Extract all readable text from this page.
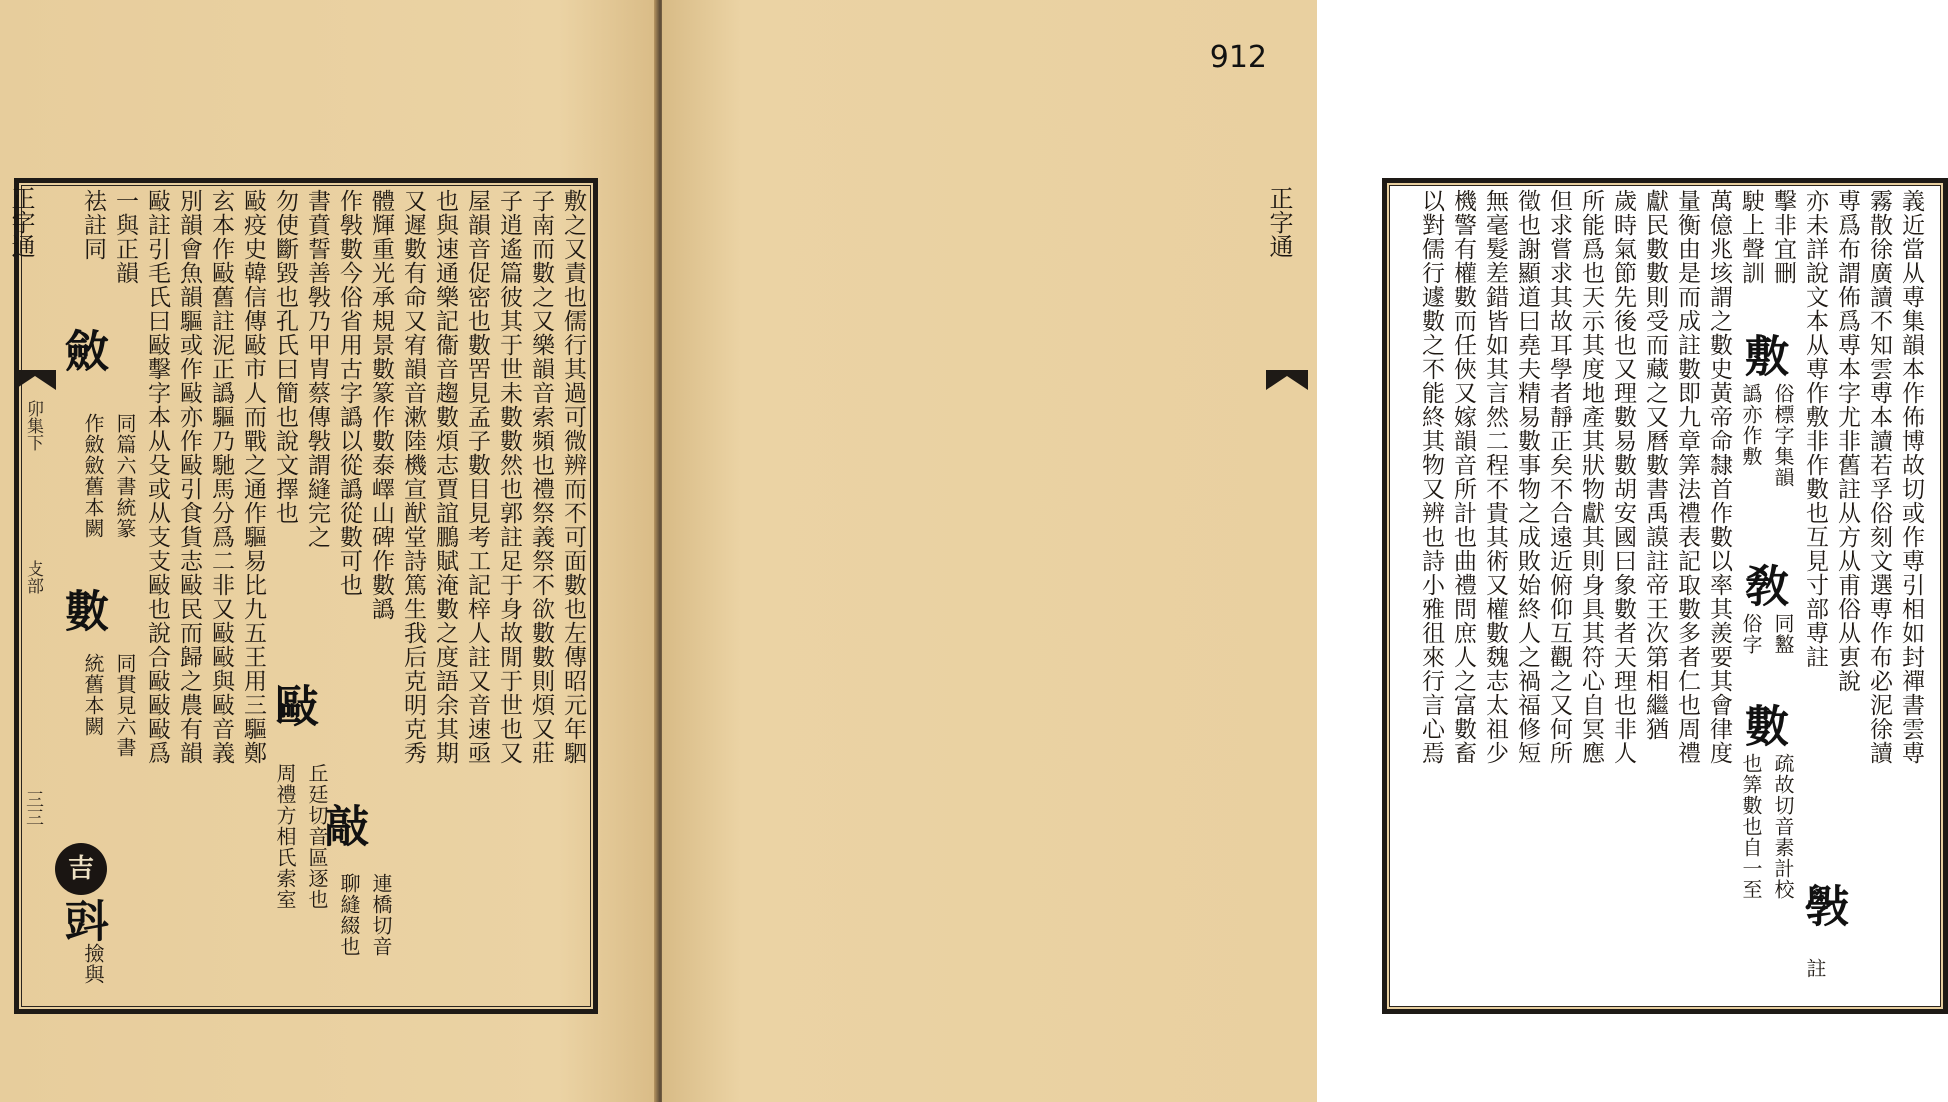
敷之又責也儒行其過可微辨而不可面數也左傳昭元年駟
子南而數之又樂韻音索頻也禮祭義祭不欲數數則煩又莊
子逍遙篇彼其于世未數數然也郭註足于身故閒于世也又
屋韻音促密也數罟見孟子數目見考工記梓人註又音速亟
也與速通樂記衞音趨數煩志賈誼鵬賦淹數之度語余其期
又遲數有命又宥韻音漱陸機宣猷堂詩篤生我后克明克秀
體輝重光承規景數篆作數泰嶧山碑作數譌
作斅數今俗省用古字譌以從譌從數可也
書賁誓善斅乃甲胄蔡傳斅謂縫完之
勿使斷毀也孔氏曰簡也說文擇也
敺疫史韓信傳敺市人而戰之通作驅易比九五王用三驅鄭
玄本作敺舊註泥正譌驅乃馳馬分爲二非又敺敺與敺音義
別韻會魚韻驅或作敺亦作敺引食貨志敺民而歸之農有韻
敺註引毛氏曰敺擊字本从殳或从支支敺也說合敺敺敺爲
一與正韻
祛註同
敲
連橋切音
聊縫綴也
敺
丘廷切音區逐也
周禮方相氏索室
斂
同篇六書統篆
作斂斂舊本闕
數
同貫見六書
統舊本闕
吉
㪷
撿與
正字通
卯集下
攴部
三三
912
義近當从尃集韻本作佈博故切或作尃引相如封禪書雲尃
霧散徐廣讀不知雲尃本讀若孚俗刻文選尃作布必泥徐讀
尃爲布謂佈爲尃本字尤非舊註从方从甫俗从叀說
亦未詳說文本从尃作敷非作數也互見寸部尃註
擊非宜刪
駛上聲訓
萬億兆垓謂之數史黃帝命隸首作數以率其羨要其會律度
量衡由是而成註數即九章筭法禮表記取數多者仁也周禮
獻民數數則受而藏之又曆數書禹謨註帝王次第相繼猶
歲時氣節先後也又理數易數胡安國曰象數者天理也非人
所能爲也天示其度地產其狀物獻其則身具其符心自冥應
但求嘗求其故耳學者靜正矣不合遠近俯仰互觀之又何所
徵也謝顯道曰堯夫精易數事物之成敗始終人之禍福修短
無毫髮差錯皆如其言然二程不貴其術又權數魏志太祖少
機警有權數而任俠又嫁韻音所計也曲禮問庶人之富數畜
以對儒行遽數之不能終其物又辨也詩小雅徂來行言心焉	敷
俗標字集韻
譌亦作敷
敎
同盭
俗字
數
疏故切音素計校
也筭數也自一至
斅
註
正字通
